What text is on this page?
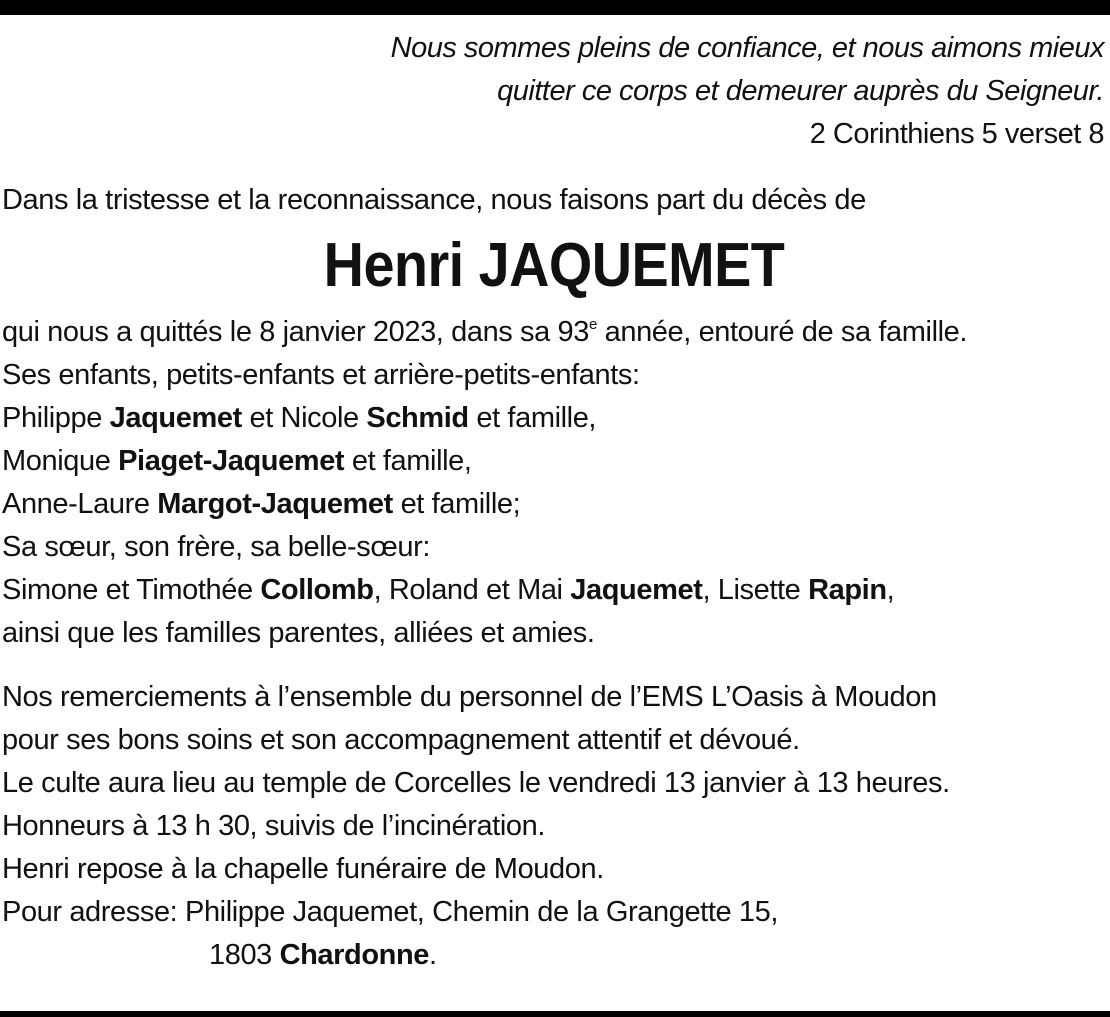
Nous sommes pleins de confiance, et nous aimons mieux
quitter ce corps et demeurer auprès du Seigneur.
2 Corinthiens 5 verset 8
Dans la tristesse et la reconnaissance, nous faisons part du décès de
Henri JAQUEMET
qui nous a quittés le 8 janvier 2023, dans sa 93e année, entouré de sa famille.
Ses enfants, petits-enfants et arrière-petits-enfants:
Philippe Jaquemet et Nicole Schmid et famille,
Monique Piaget-Jaquemet et famille,
Anne-Laure Margot-Jaquemet et famille;
Sa sœur, son frère, sa belle-sœur:
Simone et Timothée Collomb, Roland et Mai Jaquemet, Lisette Rapin,
ainsi que les familles parentes, alliées et amies.
Nos remerciements à l’ensemble du personnel de l’EMS L’Oasis à Moudon
pour ses bons soins et son accompagnement attentif et dévoué.
Le culte aura lieu au temple de Corcelles le vendredi 13 janvier à 13 heures.
Honneurs à 13 h 30, suivis de l’incinération.
Henri repose à la chapelle funéraire de Moudon.
Pour adresse: Philippe Jaquemet, Chemin de la Grangette 15,
1803 Chardonne.
